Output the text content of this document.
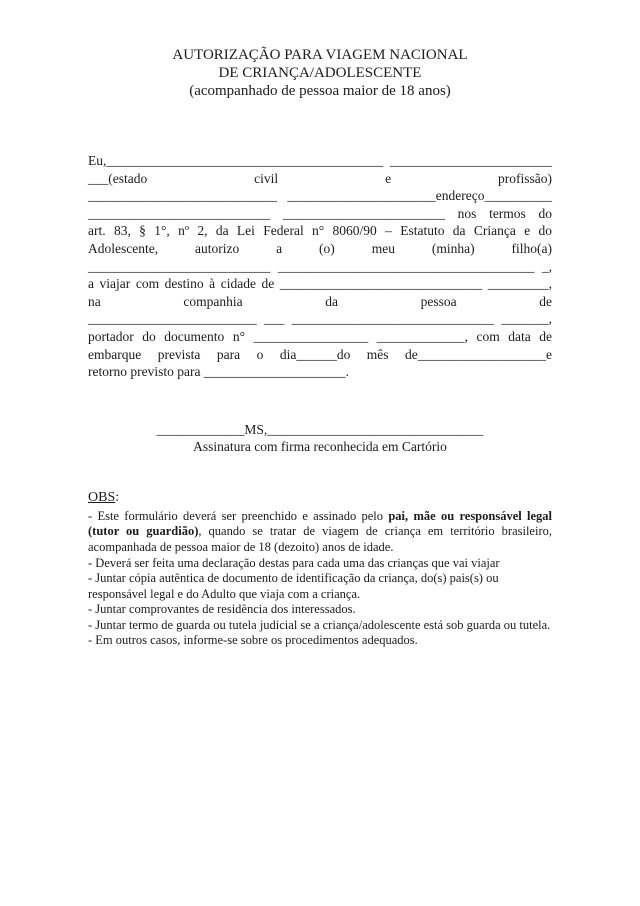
AUTORIZAÇÃO PARA VIAGEM NACIONAL
DE CRIANÇA/ADOLESCENTE
(acompanhado de pessoa maior de 18 anos)
Eu,_________________________________________ ________________________
___(estado civil e profissão)
____________________________ ______________________endereço__________
___________________________ ________________________ nos termos do
art. 83, § 1°, nº 2, da Lei Federal n° 8060/90 – Estatuto da Criança e do
Adolescente, autorizo a (o) meu (minha) filho(a)
___________________________ ______________________________________ _,
a viajar com destino à cidade de ______________________________ _________,
na companhia da pessoa de
_________________________ ___ ______________________________ _______,
portador do documento n° _________________ _____________, com data de
embarque prevista para o dia______do mês de___________________e
retorno previsto para _____________________.
_____________MS,________________________________
Assinatura com firma reconhecida em Cartório
OBS:
- Este formulário deverá ser preenchido e assinado pelo pai, mãe ou responsável legal (tutor ou guardião), quando se tratar de viagem de criança em território brasileiro, acompanhada de pessoa maior de 18 (dezoito) anos de idade.
- Deverá ser feita uma declaração destas para cada uma das crianças que vai viajar
- Juntar cópia autêntica de documento de identificação da criança, do(s) pais(s) ou responsável legal e do Adulto que viaja com a criança.
- Juntar comprovantes de residência dos interessados.
- Juntar termo de guarda ou tutela judicial se a criança/adolescente está sob guarda ou tutela.
- Em outros casos, informe-se sobre os procedimentos adequados.
